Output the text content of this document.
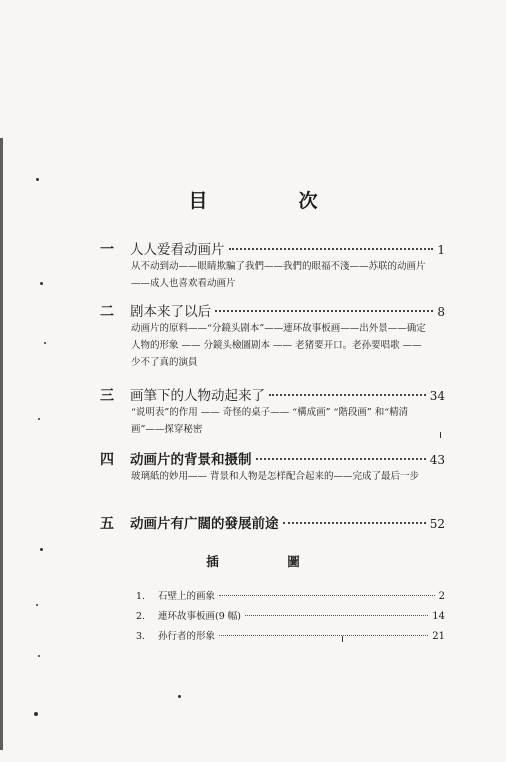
目　次
一	人人爱看动画片	1
从不动到动——眼睛欺騙了我們——我們的眼福不淺——苏联的动画片——成人也喜欢看动画片
二	剧本来了以后	8
动画片的原料——“分鏡头剧本”——連环故事板画——出外景——确定人物的形象 —— 分鏡头檢圖剧本 —— 老猪要开口。老孙要唱歌 ——少不了真的演員
三	画筆下的人物动起来了	34
“说明表”的作用 —— 奇怪的桌子—— “構成画” “階段画” 和“精清画”——探穿秘密
四	动画片的背景和摄制	43
玻璃紙的妙用—— 背景和人物是怎样配合起来的——完成了最后一步
五	动画片有广闊的發展前途	52
插　圖
1.	石壁上的画象	2
2.	連环故事板画(9 幅)	14
3.	孙行者的形象	21
